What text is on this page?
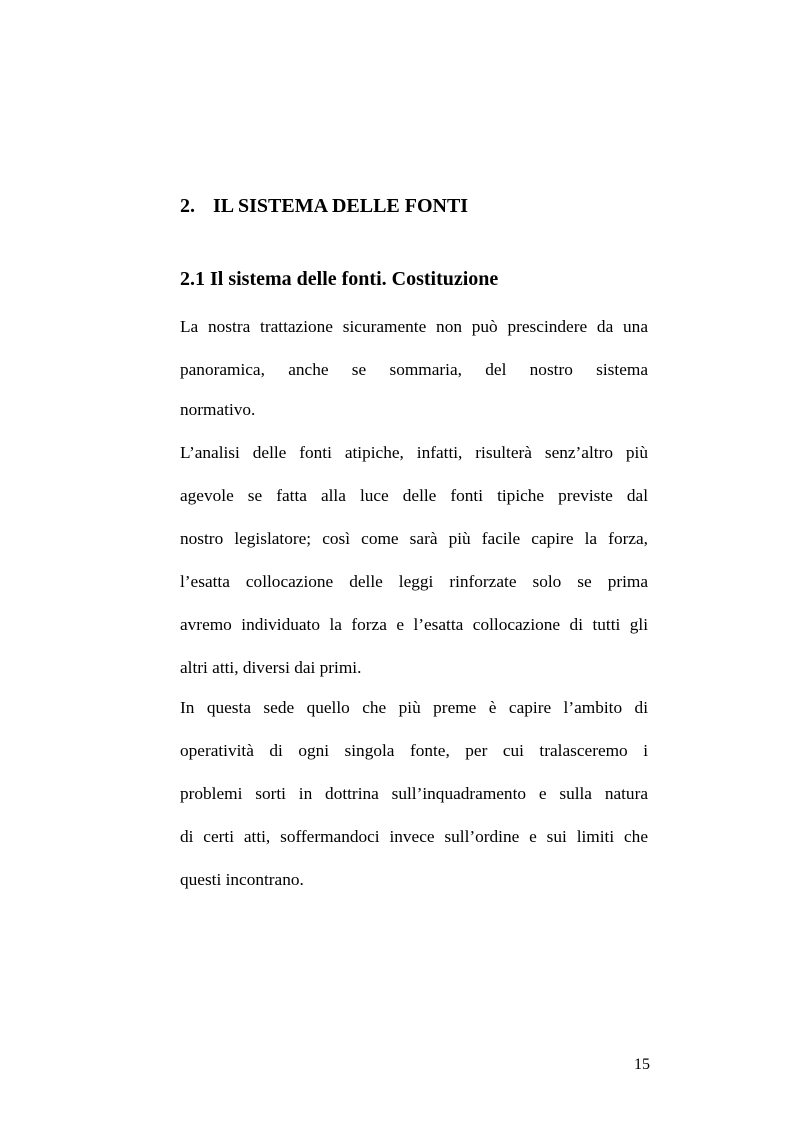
2. IL SISTEMA DELLE FONTI
2.1 Il sistema delle fonti. Costituzione
La nostra trattazione sicuramente non può prescindere da una
panoramica, anche se sommaria, del nostro sistema
normativo.
L’analisi delle fonti atipiche, infatti, risulterà senz’altro più
agevole se fatta alla luce delle fonti tipiche previste dal
nostro legislatore; così come sarà più facile capire la forza,
l’esatta collocazione delle leggi rinforzate solo se prima
avremo individuato la forza e l’esatta collocazione di tutti gli
altri atti, diversi dai primi.
In questa sede quello che più preme è capire l’ambito di
operatività di ogni singola fonte, per cui tralasceremo i
problemi sorti in dottrina sull’inquadramento e sulla natura
di certi atti, soffermandoci invece sull’ordine e sui limiti che
questi incontrano.
15
